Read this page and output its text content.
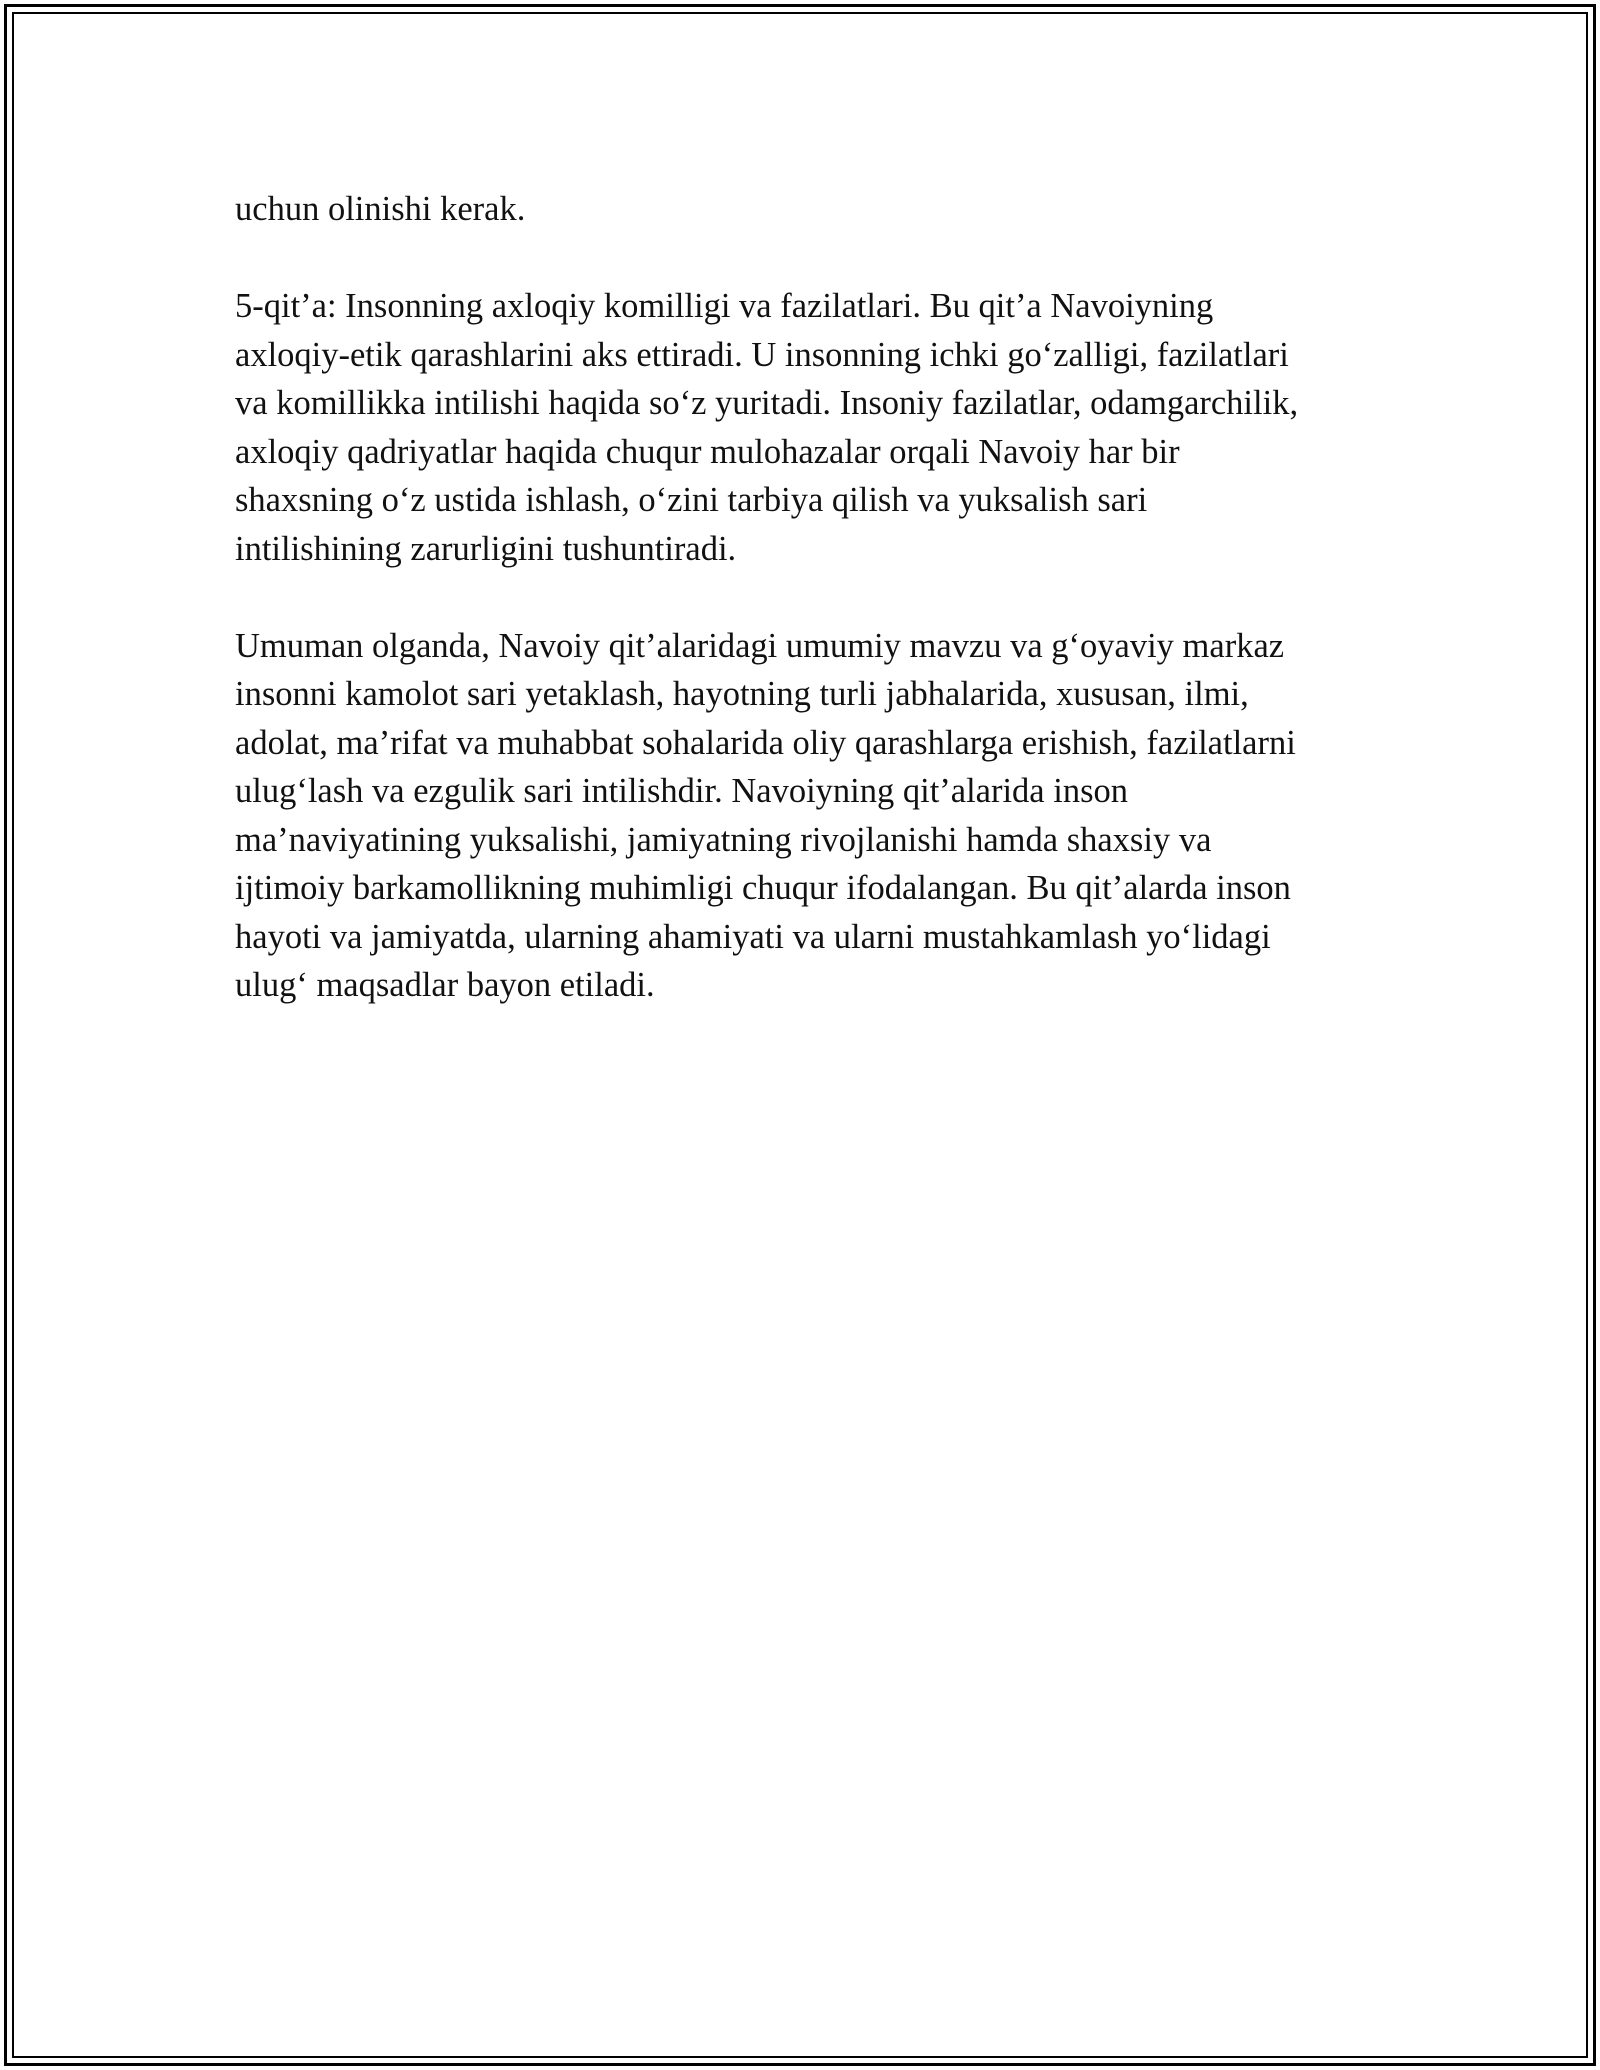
uchun olinishi kerak.

5-qit’a: Insonning axloqiy komilligi va fazilatlari. Bu qit’a Navoiyning
axloqiy-etik qarashlarini aks ettiradi. U insonning ichki go‘zalligi, fazilatlari
va komillikka intilishi haqida so‘z yuritadi. Insoniy fazilatlar, odamgarchilik,
axloqiy qadriyatlar haqida chuqur mulohazalar orqali Navoiy har bir
shaxsning o‘z ustida ishlash, o‘zini tarbiya qilish va yuksalish sari
intilishining zarurligini tushuntiradi.

Umuman olganda, Navoiy qit’alaridagi umumiy mavzu va g‘oyaviy markaz
insonni kamolot sari yetaklash, hayotning turli jabhalarida, xususan, ilmi,
adolat, ma’rifat va muhabbat sohalarida oliy qarashlarga erishish, fazilatlarni
ulug‘lash va ezgulik sari intilishdir. Navoiyning qit’alarida inson
ma’naviyatining yuksalishi, jamiyatning rivojlanishi hamda shaxsiy va
ijtimoiy barkamollikning muhimligi chuqur ifodalangan. Bu qit’alarda inson
hayoti va jamiyatda, ularning ahamiyati va ularni mustahkamlash yo‘lidagi
ulug‘ maqsadlar bayon etiladi.
